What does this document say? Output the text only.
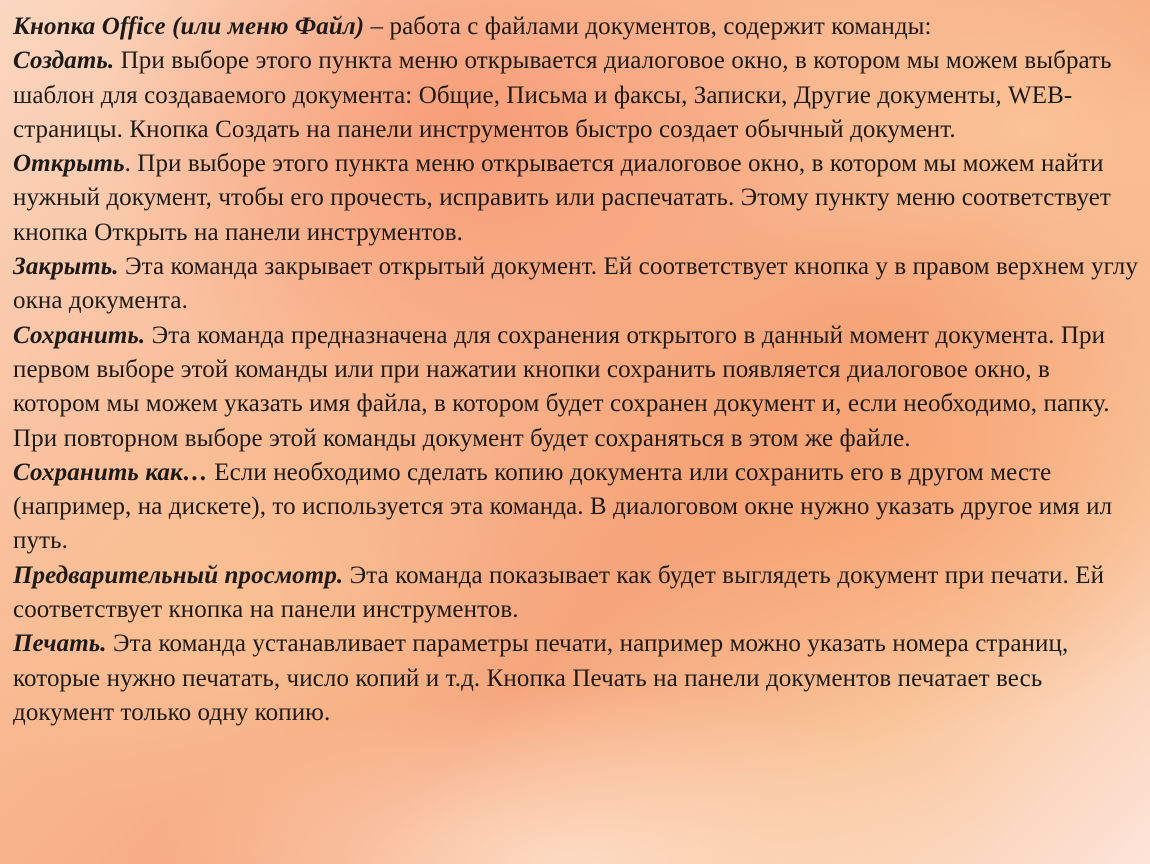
Кнопка Office (или меню Файл) – работа с файлами документов, содержит команды:

Создать. При выборе этого пункта меню открывается диалоговое окно, в котором мы можем выбрать шаблон для создаваемого документа: Общие, Письма и факсы, Записки, Другие документы, WEB-страницы. Кнопка Создать на панели инструментов быстро создает обычный документ.

Открыть. При выборе этого пункта меню открывается диалоговое окно, в котором мы можем найти нужный документ, чтобы его прочесть, исправить или распечатать. Этому пункту меню соответствует кнопка Открыть на панели инструментов.

Закрыть. Эта команда закрывает открытый документ. Ей соответствует кнопка у в правом верхнем углу окна документа.

Сохранить. Эта команда предназначена для сохранения открытого в данный момент документа. При первом выборе этой команды или при нажатии кнопки сохранить появляется диалоговое окно, в котором мы можем указать имя файла, в котором будет сохранен документ и, если необходимо, папку. При повторном выборе этой команды документ будет сохраняться в этом же файле.

Сохранить как… Если необходимо сделать копию документа или сохранить его в другом месте (например, на дискете), то используется эта команда. В диалоговом окне нужно указать другое имя ил путь.

Предварительный просмотр. Эта команда показывает как будет выглядеть документ при печати. Ей соответствует кнопка на панели инструментов.

Печать. Эта команда устанавливает параметры печати, например можно указать номера страниц, которые нужно печатать, число копий и т.д. Кнопка Печать на панели документов печатает весь документ только одну копию.
